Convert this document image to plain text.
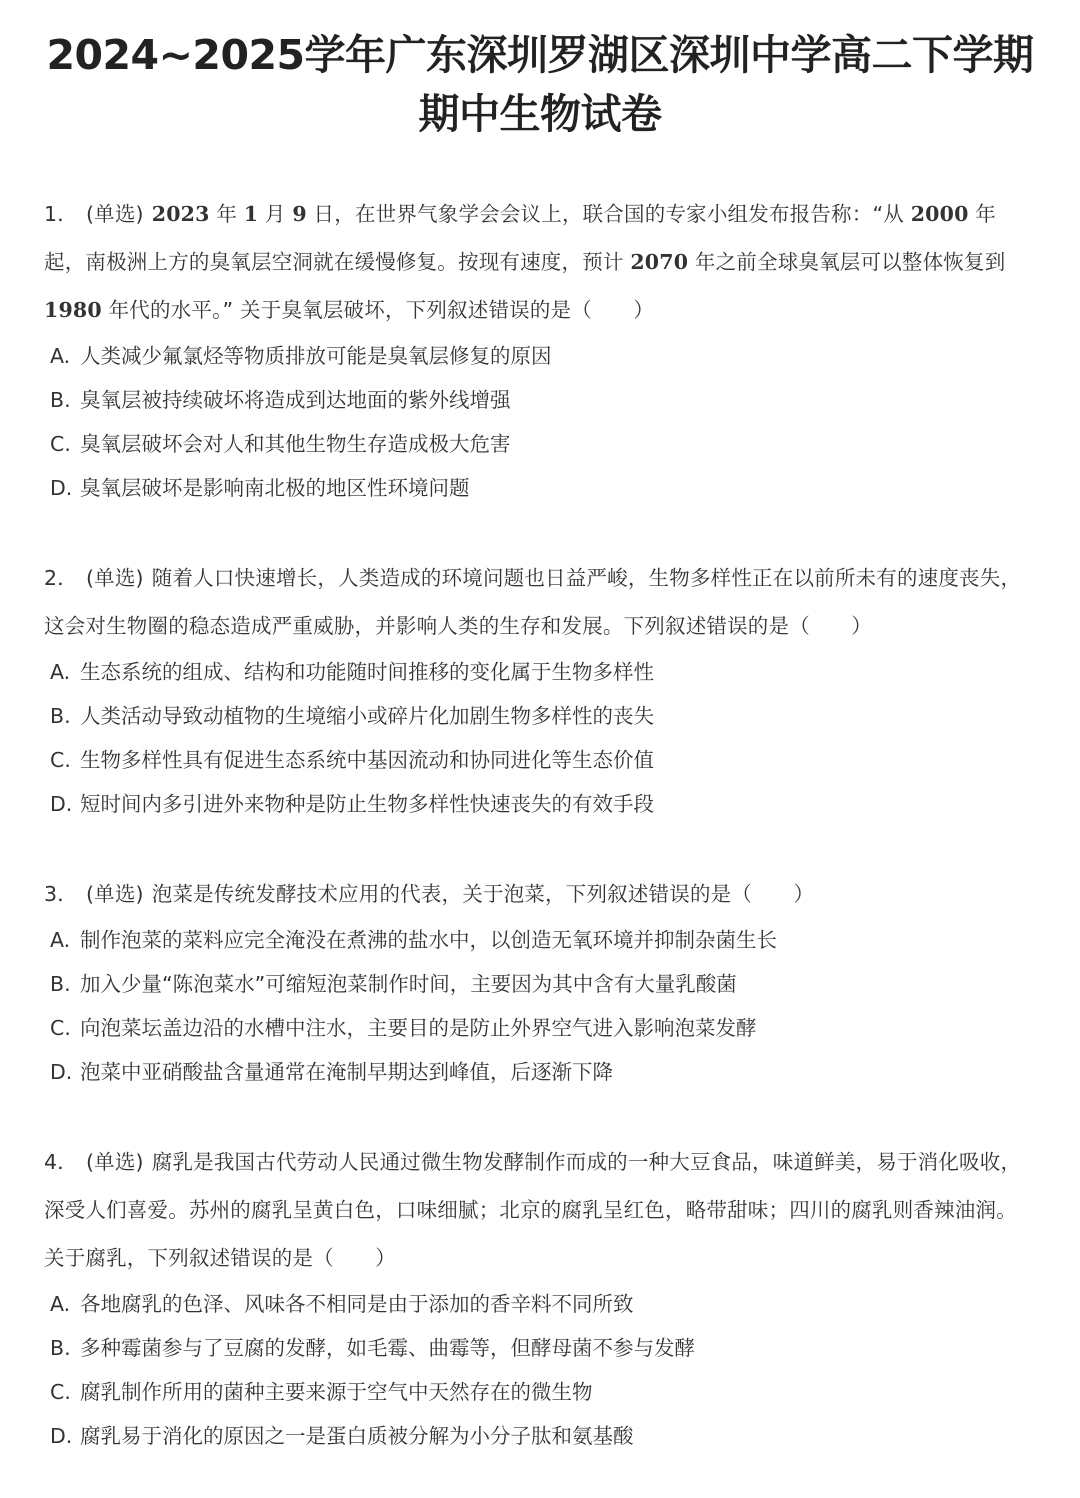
2024~2025学年广东深圳罗湖区深圳中学高二下学期
期中生物试卷
1． (单选) 2023 年 1 月 9 日，在世界气象学会会议上，联合国的专家小组发布报告称：“从 2000 年起，南极洲上方的臭氧层空洞就在缓慢修复。按现有速度，预计 2070 年之前全球臭氧层可以整体恢复到 1980 年代的水平。” 关于臭氧层破坏，下列叙述错误的是（　　）
A. 人类减少氟氯烃等物质排放可能是臭氧层修复的原因
B. 臭氧层被持续破坏将造成到达地面的紫外线增强
C. 臭氧层破坏会对人和其他生物生存造成极大危害
D. 臭氧层破坏是影响南北极的地区性环境问题
2． (单选) 随着人口快速增长，人类造成的环境问题也日益严峻，生物多样性正在以前所未有的速度丧失，这会对生物圈的稳态造成严重威胁，并影响人类的生存和发展。下列叙述错误的是（　　）
A. 生态系统的组成、结构和功能随时间推移的变化属于生物多样性
B. 人类活动导致动植物的生境缩小或碎片化加剧生物多样性的丧失
C. 生物多样性具有促进生态系统中基因流动和协同进化等生态价值
D. 短时间内多引进外来物种是防止生物多样性快速丧失的有效手段
3． (单选) 泡菜是传统发酵技术应用的代表，关于泡菜，下列叙述错误的是（　　）
A. 制作泡菜的菜料应完全淹没在煮沸的盐水中，以创造无氧环境并抑制杂菌生长
B. 加入少量“陈泡菜水”可缩短泡菜制作时间，主要因为其中含有大量乳酸菌
C. 向泡菜坛盖边沿的水槽中注水，主要目的是防止外界空气进入影响泡菜发酵
D. 泡菜中亚硝酸盐含量通常在淹制早期达到峰值，后逐渐下降
4． (单选) 腐乳是我国古代劳动人民通过微生物发酵制作而成的一种大豆食品，味道鲜美，易于消化吸收，深受人们喜爱。苏州的腐乳呈黄白色，口味细腻；北京的腐乳呈红色，略带甜味；四川的腐乳则香辣油润。关于腐乳，下列叙述错误的是（　　）
A. 各地腐乳的色泽、风味各不相同是由于添加的香辛料不同所致
B. 多种霉菌参与了豆腐的发酵，如毛霉、曲霉等，但酵母菌不参与发酵
C. 腐乳制作所用的菌种主要来源于空气中天然存在的微生物
D. 腐乳易于消化的原因之一是蛋白质被分解为小分子肽和氨基酸
